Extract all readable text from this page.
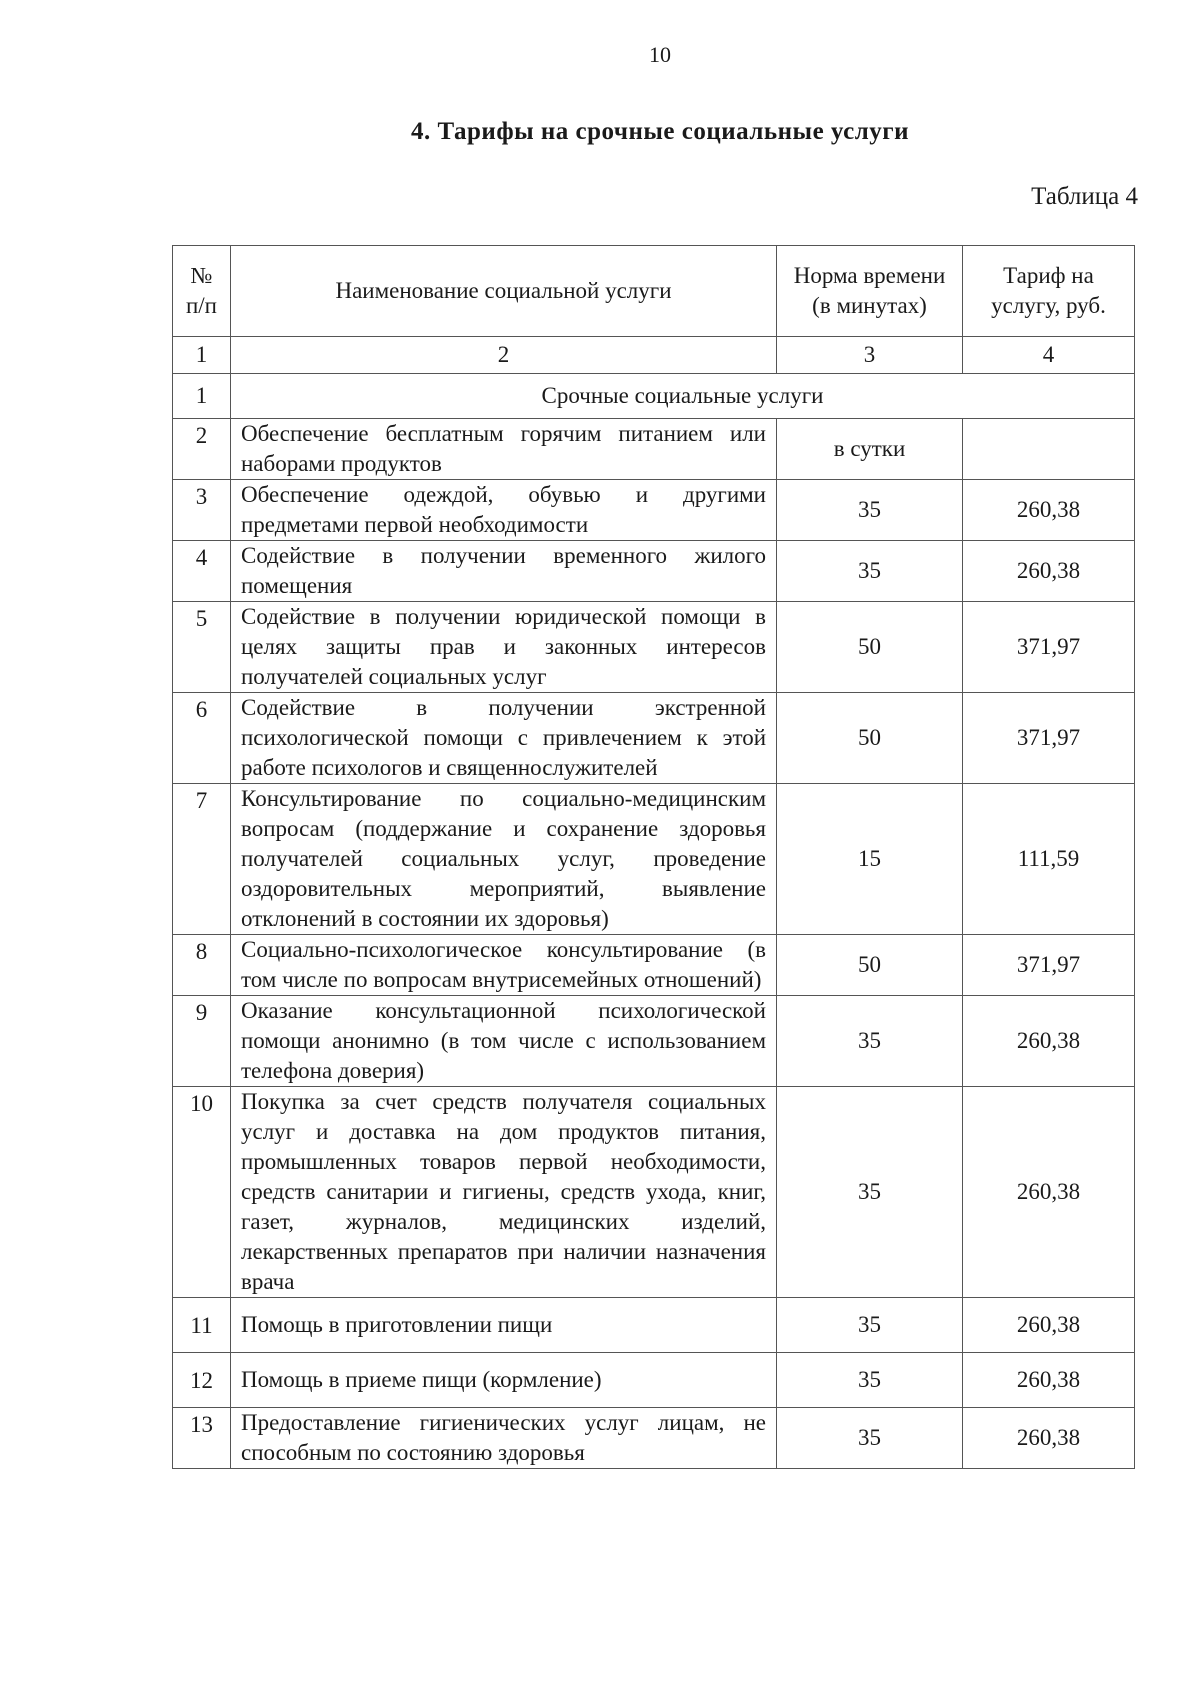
10
4. Тарифы на срочные социальные услуги
Таблица 4
№ п/п	Наименование социальной услуги	Норма времени (в минутах)	Тариф на услугу, руб.
1	2	3	4
1	Срочные социальные услуги		
2	Обеспечение бесплатным горячим питанием или наборами продуктов	в сутки	
3	Обеспечение одеждой, обувью и другими предметами первой необходимости	35	260,38
4	Содействие в получении временного жилого помещения	35	260,38
5	Содействие в получении юридической помощи в целях защиты прав и законных интересов получателей социальных услуг	50	371,97
6	Содействие в получении экстренной психологической помощи с привлечением к этой работе психологов и священнослужителей	50	371,97
7	Консультирование по социально-медицинским вопросам (поддержание и сохранение здоровья получателей социальных услуг, проведение оздоровительных мероприятий, выявление отклонений в состоянии их здоровья)	15	111,59
8	Социально-психологическое консультирование (в том числе по вопросам внутрисемейных отношений)	50	371,97
9	Оказание консультационной психологической помощи анонимно (в том числе с использованием телефона доверия)	35	260,38
10	Покупка за счет средств получателя социальных услуг и доставка на дом продуктов питания, промышленных товаров первой необходимости, средств санитарии и гигиены, средств ухода, книг, газет, журналов, медицинских изделий, лекарственных препаратов при наличии назначения врача	35	260,38
11	Помощь в приготовлении пищи	35	260,38
12	Помощь в приеме пищи (кормление)	35	260,38
13	Предоставление гигиенических услуг лицам, не способным по состоянию здоровья	35	260,38
